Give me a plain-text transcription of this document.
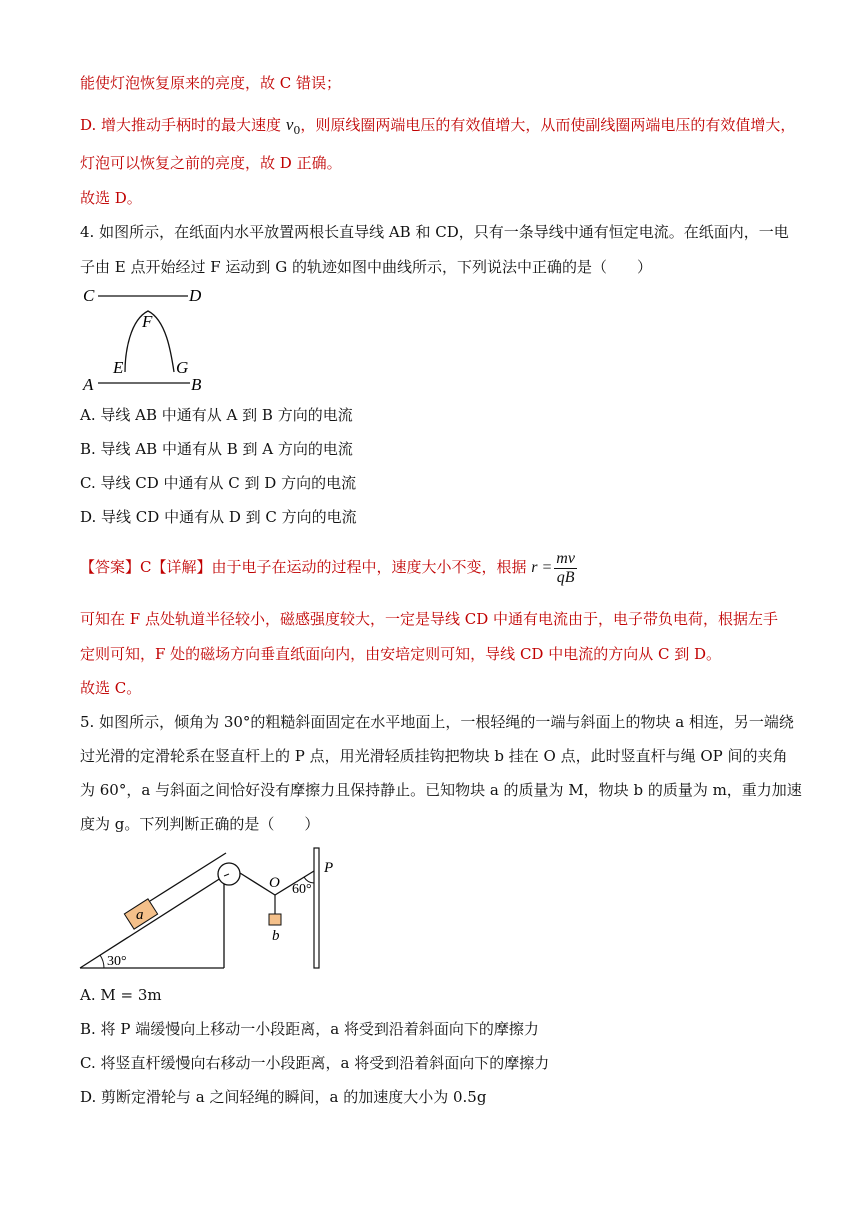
能使灯泡恢复原来的亮度，故 C 错误；
D. 增大推动手柄时的最大速度 $v_0$，则原线圈两端电压的有效值增大，从而使副线圈两端电压的有效值增大，
灯泡可以恢复之前的亮度，故 D 正确。
故选 D。
4. 如图所示，在纸面内水平放置两根长直导线 AB 和 CD，只有一条导线中通有恒定电流。在纸面内，一电
子由 E 点开始经过 F 运动到 G 的轨迹如图中曲线所示，下列说法中正确的是（　　）
C	D
F
E	G
A	B
A. 导线 AB 中通有从 A 到 B 方向的电流
B. 导线 AB 中通有从 B 到 A 方向的电流
C. 导线 CD 中通有从 C 到 D 方向的电流
D. 导线 CD 中通有从 D 到 C 方向的电流
【答案】C【详解】由于电子在运动的过程中，速度大小不变，根据 $r = \frac{mv}{qB}$
可知在 F 点处轨道半径较小，磁感强度较大，一定是导线 CD 中通有电流由于，电子带负电荷，根据左手
定则可知，F 处的磁场方向垂直纸面向内，由安培定则可知，导线 CD 中电流的方向从 C 到 D。
故选 C。
5. 如图所示，倾角为 30°的粗糙斜面固定在水平地面上，一根轻绳的一端与斜面上的物块 a 相连，另一端绕
过光滑的定滑轮系在竖直杆上的 P 点，用光滑轻质挂钩把物块 b 挂在 O 点，此时竖直杆与绳 OP 间的夹角
为 60°，a 与斜面之间恰好没有摩擦力且保持静止。已知物块 a 的质量为 M，物块 b 的质量为 m，重力加速
度为 g。下列判断正确的是（　　）
a
b
O
P
60°
30°
A. M = 3m
B. 将 P 端缓慢向上移动一小段距离，a 将受到沿着斜面向下的摩擦力
C. 将竖直杆缓慢向右移动一小段距离，a 将受到沿着斜面向下的摩擦力
D. 剪断定滑轮与 a 之间轻绳的瞬间，a 的加速度大小为 0.5g
